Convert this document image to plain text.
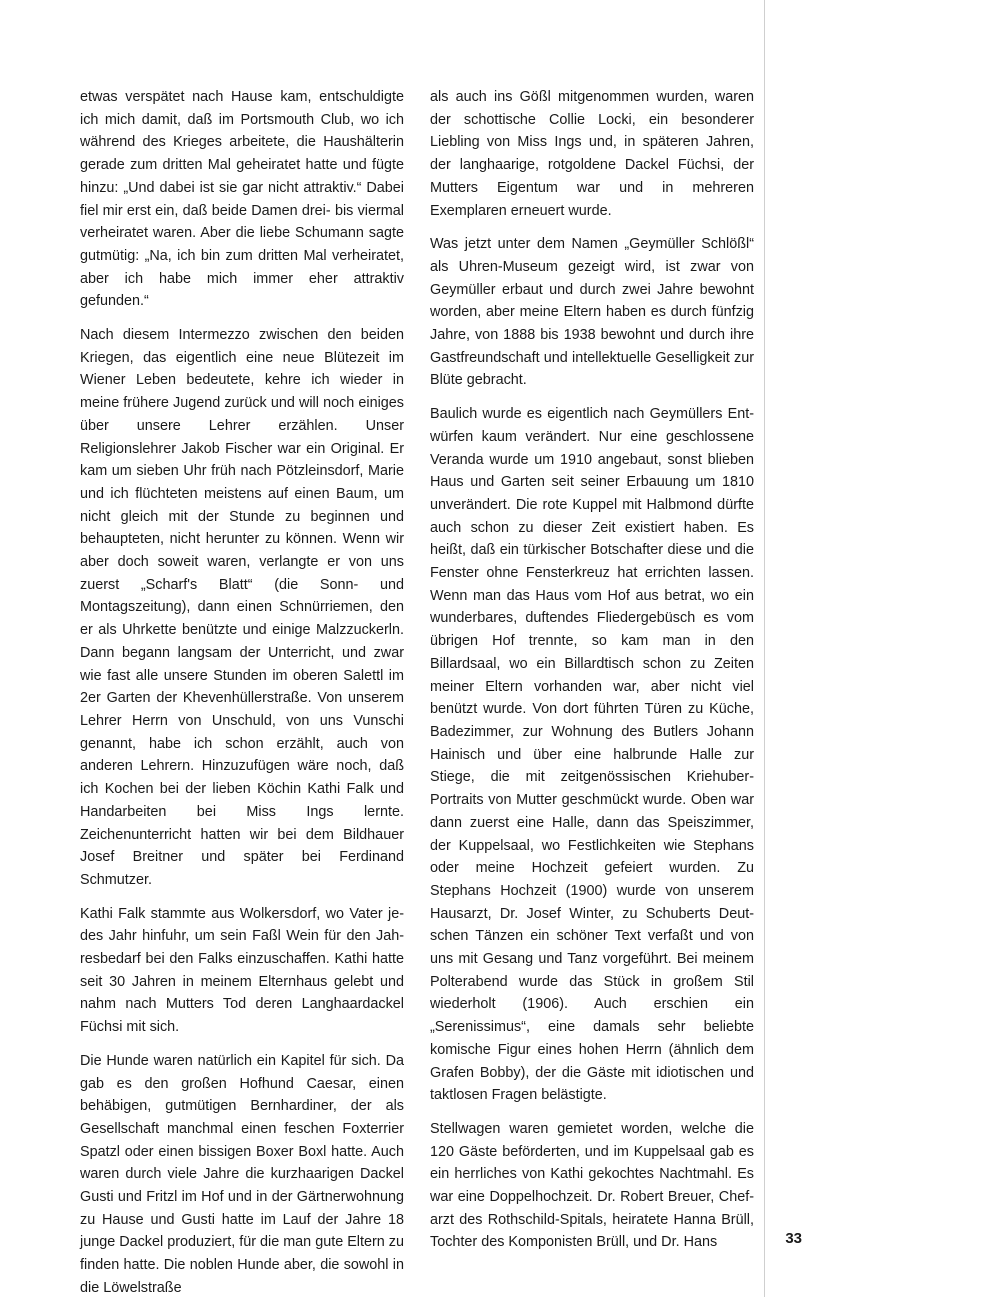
etwas verspätet nach Hause kam, entschuldigte ich mich damit, daß im Portsmouth Club, wo ich während des Krieges arbeitete, die Haushälterin gerade zum dritten Mal geheiratet hatte und fügte hinzu: „Und dabei ist sie gar nicht attraktiv.“ Dabei fiel mir erst ein, daß beide Damen drei- bis viermal verheiratet waren. Aber die liebe Schumann sagte gutmütig: „Na, ich bin zum dritten Mal verheiratet, aber ich habe mich immer eher attraktiv gefunden.“

Nach diesem Intermezzo zwischen den beiden Kriegen, das eigentlich eine neue Blütezeit im Wiener Leben bedeutete, kehre ich wieder in meine frühere Jugend zurück und will noch einiges über unsere Lehrer erzählen. Unser Religionslehrer Jakob Fischer war ein Original. Er kam um sieben Uhr früh nach Pötzleinsdorf, Marie und ich flüchteten meistens auf einen Baum, um nicht gleich mit der Stunde zu beginnen und behaupteten, nicht herunter zu können. Wenn wir aber doch soweit waren, verlangte er von uns zuerst „Scharf's Blatt“ (die Sonn- und Montagszeitung), dann einen Schnürriemen, den er als Uhrkette benützte und einige Malzzuckerln. Dann begann langsam der Unterricht, und zwar wie fast alle unsere Stunden im oberen Salettl im 2er Garten der Khevenhüllerstraße. Von unserem Lehrer Herrn von Unschuld, von uns Vunschi genannt, habe ich schon erzählt, auch von anderen Lehrern. Hinzuzufügen wäre noch, daß ich Kochen bei der lieben Köchin Kathi Falk und Handarbeiten bei Miss Ings lernte. Zeichenunterricht hatten wir bei dem Bildhauer Josef Breitner und später bei Ferdinand Schmutzer.

Kathi Falk stammte aus Wolkersdorf, wo Vater jedes Jahr hinfuhr, um sein Faßl Wein für den Jahresbedarf bei den Falks einzuschaffen. Kathi hatte seit 30 Jahren in meinem Elternhaus gelebt und nahm nach Mutters Tod deren Langhaardackel Füchsi mit sich.

Die Hunde waren natürlich ein Kapitel für sich. Da gab es den großen Hofhund Caesar, einen behäbigen, gutmütigen Bernhardiner, der als Gesellschaft manchmal einen feschen Foxterrier Spatzl oder einen bissigen Boxer Boxl hatte. Auch waren durch viele Jahre die kurzhaarigen Dackel Gusti und Fritzl im Hof und in der Gärtnerwohnung zu Hause und Gusti hatte im Lauf der Jahre 18 junge Dackel produziert, für die man gute Eltern zu finden hatte. Die noblen Hunde aber, die sowohl in die Löwelstraße

als auch ins Gößl mitgenommen wurden, waren der schottische Collie Locki, ein besonderer Liebling von Miss Ings und, in späteren Jahren, der langhaarige, rotgoldene Dackel Füchsi, der Mutters Eigentum war und in mehreren Exemplaren erneuert wurde.

Was jetzt unter dem Namen „Geymüller Schlößl“ als Uhren-Museum gezeigt wird, ist zwar von Geymüller erbaut und durch zwei Jahre bewohnt worden, aber meine Eltern haben es durch fünfzig Jahre, von 1888 bis 1938 bewohnt und durch ihre Gastfreundschaft und intellektuelle Geselligkeit zur Blüte gebracht.

Baulich wurde es eigentlich nach Geymüllers Entwürfen kaum verändert. Nur eine geschlossene Veranda wurde um 1910 angebaut, sonst blieben Haus und Garten seit seiner Erbauung um 1810 unverändert. Die rote Kuppel mit Halbmond dürfte auch schon zu dieser Zeit existiert haben. Es heißt, daß ein türkischer Botschafter diese und die Fenster ohne Fensterkreuz hat errichten lassen. Wenn man das Haus vom Hof aus betrat, wo ein wunderbares, duftendes Fliedergebüsch es vom übrigen Hof trennte, so kam man in den Billardsaal, wo ein Billardtisch schon zu Zeiten meiner Eltern vorhanden war, aber nicht viel benützt wurde. Von dort führten Türen zu Küche, Badezimmer, zur Wohnung des Butlers Johann Hainisch und über eine halbrunde Halle zur Stiege, die mit zeitgenössischen Kriehuber-Portraits von Mutter geschmückt wurde. Oben war dann zuerst eine Halle, dann das Speiszimmer, der Kuppelsaal, wo Festlichkeiten wie Stephans oder meine Hochzeit gefeiert wurden. Zu Stephans Hochzeit (1900) wurde von unserem Hausarzt, Dr. Josef Winter, zu Schuberts Deutschen Tänzen ein schöner Text verfaßt und von uns mit Gesang und Tanz vorgeführt. Bei meinem Polterabend wurde das Stück in großem Stil wiederholt (1906). Auch erschien ein „Serenissimus“, eine damals sehr beliebte komische Figur eines hohen Herrn (ähnlich dem Grafen Bobby), der die Gäste mit idiotischen und taktlosen Fragen belästigte.

Stellwagen waren gemietet worden, welche die 120 Gäste beförderten, und im Kuppelsaal gab es ein herrliches von Kathi gekochtes Nachtmahl. Es war eine Doppelhochzeit. Dr. Robert Breuer, Chefarzt des Rothschild-Spitals, heiratete Hanna Brüll, Tochter des Komponisten Brüll, und Dr. Hans	33
